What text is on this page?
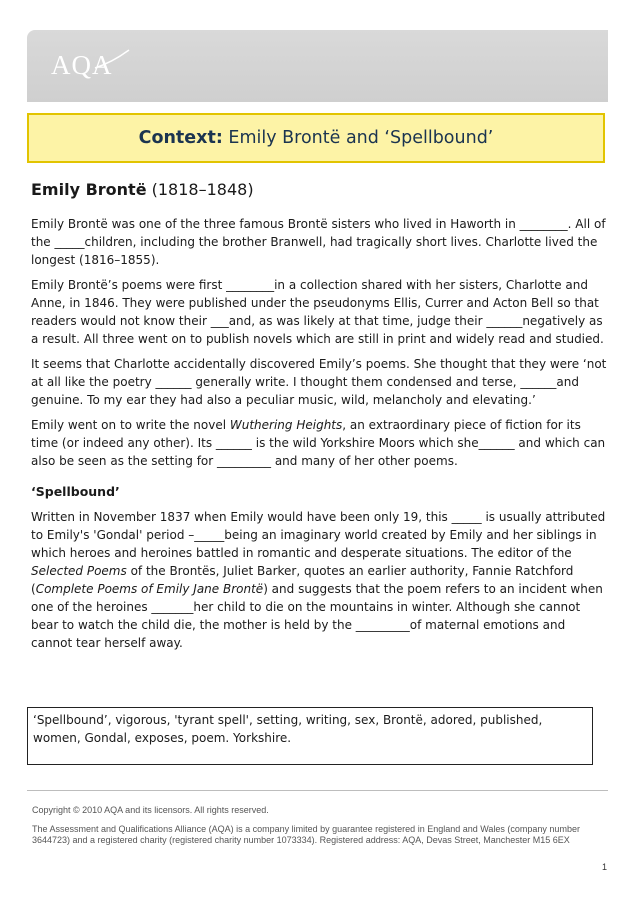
AQA
Context: Emily Brontë and ‘Spellbound’
Emily Brontë (1818–1848)

Emily Brontë was one of the three famous Brontë sisters who lived in Haworth in ________. All of the _____children, including the brother Branwell, had tragically short lives. Charlotte lived the longest (1816–1855).

Emily Brontë’s poems were first ________in a collection shared with her sisters, Charlotte and Anne, in 1846. They were published under the pseudonyms Ellis, Currer and Acton Bell so that readers would not know their ___and, as was likely at that time, judge their ______negatively as a result. All three went on to publish novels which are still in print and widely read and studied.

It seems that Charlotte accidentally discovered Emily’s poems. She thought that they were ‘not at all like the poetry ______ generally write. I thought them condensed and terse, ______and genuine. To my ear they had also a peculiar music, wild, melancholy and elevating.’

Emily went on to write the novel Wuthering Heights, an extraordinary piece of fiction for its time (or indeed any other). Its ______ is the wild Yorkshire Moors which she______ and which can also be seen as the setting for _________ and many of her other poems.

‘Spellbound’

Written in November 1837 when Emily would have been only 19, this _____ is usually attributed to Emily's 'Gondal' period –_____being an imaginary world created by Emily and her siblings in which heroes and heroines battled in romantic and desperate situations. The editor of the Selected Poems of the Brontës, Juliet Barker, quotes an earlier authority, Fannie Ratchford (Complete Poems of Emily Jane Brontë) and suggests that the poem refers to an incident when one of the heroines _______her child to die on the mountains in winter. Although she cannot bear to watch the child die, the mother is held by the _________of maternal emotions and cannot tear herself away.

‘Spellbound’, vigorous, 'tyrant spell', setting, writing, sex, Brontë, adored, published, women, Gondal, exposes, poem. Yorkshire.
Copyright © 2010 AQA and its licensors. All rights reserved.
The Assessment and Qualifications Alliance (AQA) is a company limited by guarantee registered in England and Wales (company number 3644723) and a registered charity (registered charity number 1073334). Registered address: AQA, Devas Street, Manchester M15 6EX
1
